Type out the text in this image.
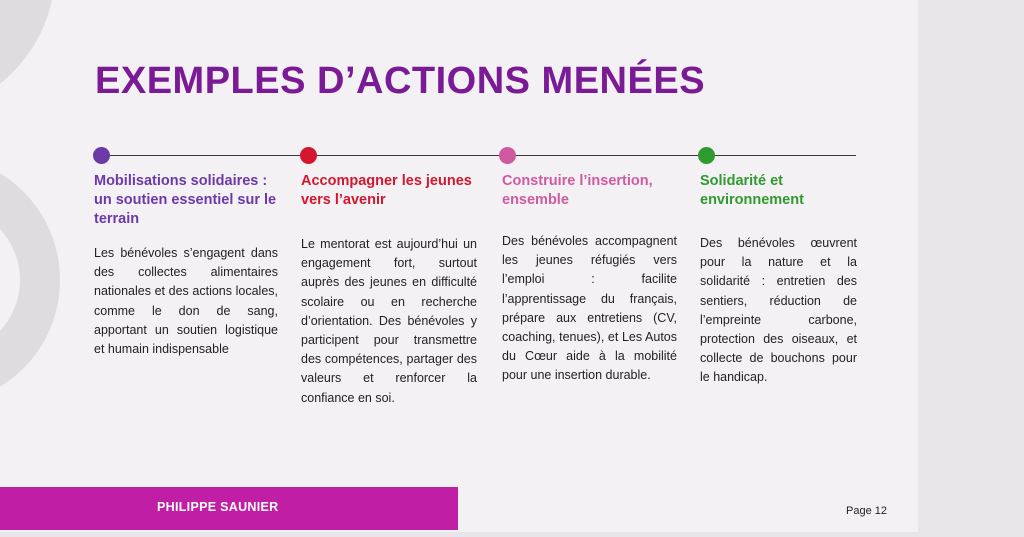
EXEMPLES D’ACTIONS MENÉES
Mobilisations solidaires : un soutien essentiel sur le terrain

Les bénévoles s’engagent dans des collectes alimentaires nationales et des actions locales, comme le don de sang, apportant un soutien logistique et humain indispensable

Accompagner les jeunes vers l’avenir

Le mentorat est aujourd’hui un engagement fort, surtout auprès des jeunes en difficulté scolaire ou en recherche d’orientation. Des bénévoles y participent pour transmettre des compétences, partager des valeurs et renforcer la confiance en soi.

Construire l’insertion, ensemble

Des bénévoles accompagnent les jeunes réfugiés vers l’emploi : facilite l’apprentissage du français, prépare aux entretiens (CV, coaching, tenues), et Les Autos du Cœur aide à la mobilité pour une insertion durable.

Solidarité et environnement

Des bénévoles œuvrent pour la nature et la solidarité : entretien des sentiers, réduction de l’empreinte carbone, protection des oiseaux, et collecte de bouchons pour le handicap.

PHILIPPE SAUNIER	Page 12
